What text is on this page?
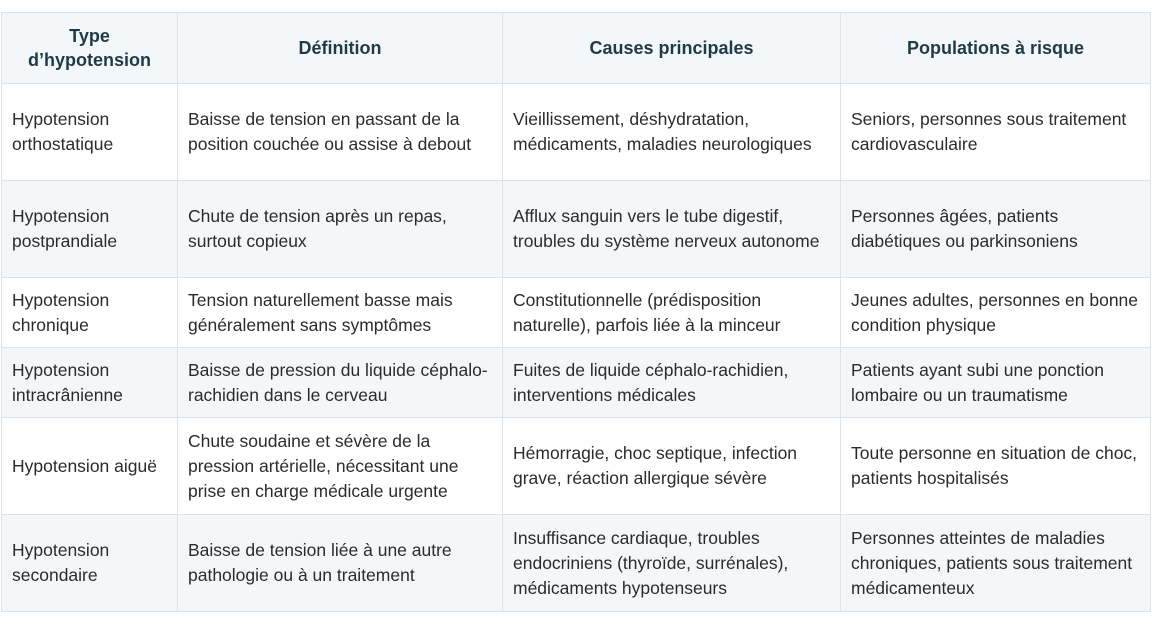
Type d’hypotension	Définition	Causes principales	Populations à risque
Hypotension orthostatique	Baisse de tension en passant de la position couchée ou assise à debout	Vieillissement, déshydratation, médicaments, maladies neurologiques	Seniors, personnes sous traitement cardiovasculaire
Hypotension postprandiale	Chute de tension après un repas, surtout copieux	Afflux sanguin vers le tube digestif, troubles du système nerveux autonome	Personnes âgées, patients diabétiques ou parkinsoniens
Hypotension chronique	Tension naturellement basse mais généralement sans symptômes	Constitutionnelle (prédisposition naturelle), parfois liée à la minceur	Jeunes adultes, personnes en bonne condition physique
Hypotension intracrânienne	Baisse de pression du liquide céphalo-rachidien dans le cerveau	Fuites de liquide céphalo-rachidien, interventions médicales	Patients ayant subi une ponction lombaire ou un traumatisme
Hypotension aiguë	Chute soudaine et sévère de la pression artérielle, nécessitant une prise en charge médicale urgente	Hémorragie, choc septique, infection grave, réaction allergique sévère	Toute personne en situation de choc, patients hospitalisés
Hypotension secondaire	Baisse de tension liée à une autre pathologie ou à un traitement	Insuffisance cardiaque, troubles endocriniens (thyroïde, surrénales), médicaments hypotenseurs	Personnes atteintes de maladies chroniques, patients sous traitement médicamenteux
